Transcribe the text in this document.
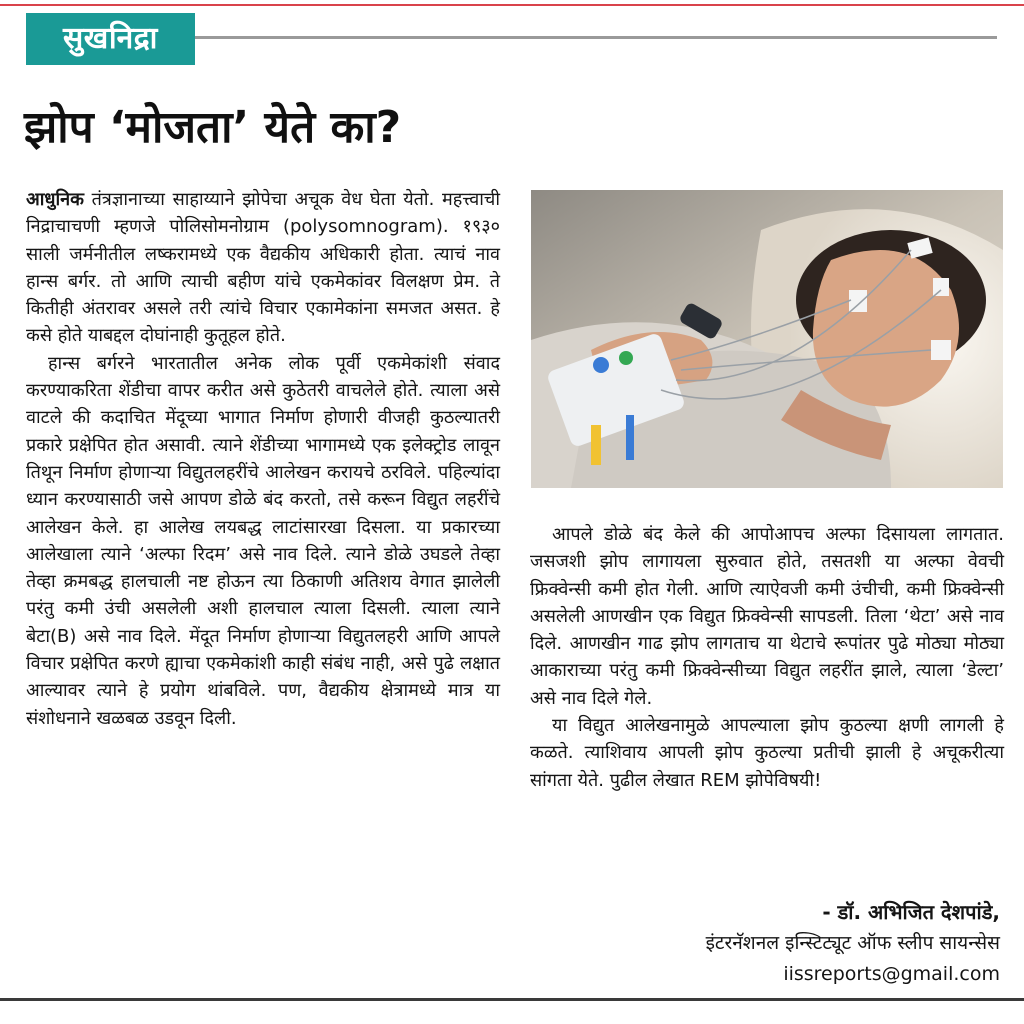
सुखनिद्रा
झोप ‘मोजता’ येते का?

आधुनिक तंत्रज्ञानाच्या साहाय्याने झोपेचा अचूक वेध घेता येतो. महत्त्वाची निद्राचाचणी म्हणजे पोलिसोमनोग्राम (polysomnogram). १९३० साली जर्मनीतील लष्करामध्ये एक वैद्यकीय अधिकारी होता. त्याचं नाव हान्स बर्गर. तो आणि त्याची बहीण यांचे एकमेकांवर विलक्षण प्रेम. ते कितीही अंतरावर असले तरी त्यांचे विचार एकामेकांना समजत असत. हे कसे होते याबद्दल दोघांनाही कुतूहल होते.

हान्स बर्गरने भारतातील अनेक लोक पूर्वी एकमेकांशी संवाद करण्याकरिता शेंडीचा वापर करीत असे कुठेतरी वाचलेले होते. त्याला असे वाटले की कदाचित मेंदूच्या भागात निर्माण होणारी वीजही कुठल्यातरी प्रकारे प्रक्षेपित होत असावी. त्याने शेंडीच्या भागामध्ये एक इलेक्ट्रोड लावून तिथून निर्माण होणाऱ्या विद्युतलहरींचे आलेखन करायचे ठरविले. पहिल्यांदा ध्यान करण्यासाठी जसे आपण डोळे बंद करतो, तसे करून विद्युत लहरींचे आलेखन केले. हा आलेख लयबद्ध लाटांसारखा दिसला. या प्रकारच्या आलेखाला त्याने ‘अल्फा रिदम’ असे नाव दिले. त्याने डोळे उघडले तेव्हा तेव्हा क्रमबद्ध हालचाली नष्ट होऊन त्या ठिकाणी अतिशय वेगात झालेली परंतु कमी उंची असलेली अशी हालचाल त्याला दिसली. त्याला त्याने बेटा(B) असे नाव दिले. मेंदूत निर्माण होणाऱ्या विद्युतलहरी आणि आपले विचार प्रक्षेपित करणे ह्याचा एकमेकांशी काही संबंध नाही, असे पुढे लक्षात आल्यावर त्याने हे प्रयोग थांबविले. पण, वैद्यकीय क्षेत्रामध्ये मात्र या संशोधनाने खळबळ उडवून दिली.

आपले डोळे बंद केले की आपोआपच अल्फा दिसायला लागतात. जसजशी झोप लागायला सुरुवात होते, तसतशी या अल्फा वेवची फ्रिक्वेन्सी कमी होत गेली. आणि त्याऐवजी कमी उंचीची, कमी फ्रिक्वेन्सी असलेली आणखीन एक विद्युत फ्रिक्वेन्सी सापडली. तिला ‘थेटा’ असे नाव दिले. आणखीन गाढ झोप लागताच या थेटाचे रूपांतर पुढे मोठ्या मोठ्या आकाराच्या परंतु कमी फ्रिक्वेन्सीच्या विद्युत लहरींत झाले, त्याला ‘डेल्टा’ असे नाव दिले गेले.

या विद्युत आलेखनामुळे आपल्याला झोप कुठल्या क्षणी लागली हे कळते. त्याशिवाय आपली झोप कुठल्या प्रतीची झाली हे अचूकरीत्या सांगता येते. पुढील लेखात REM झोपेविषयी!

- डॉ. अभिजित देशपांडे,
इंटरनॅशनल इन्स्टिट्यूट ऑफ स्लीप सायन्सेस
iissreports@gmail.com
